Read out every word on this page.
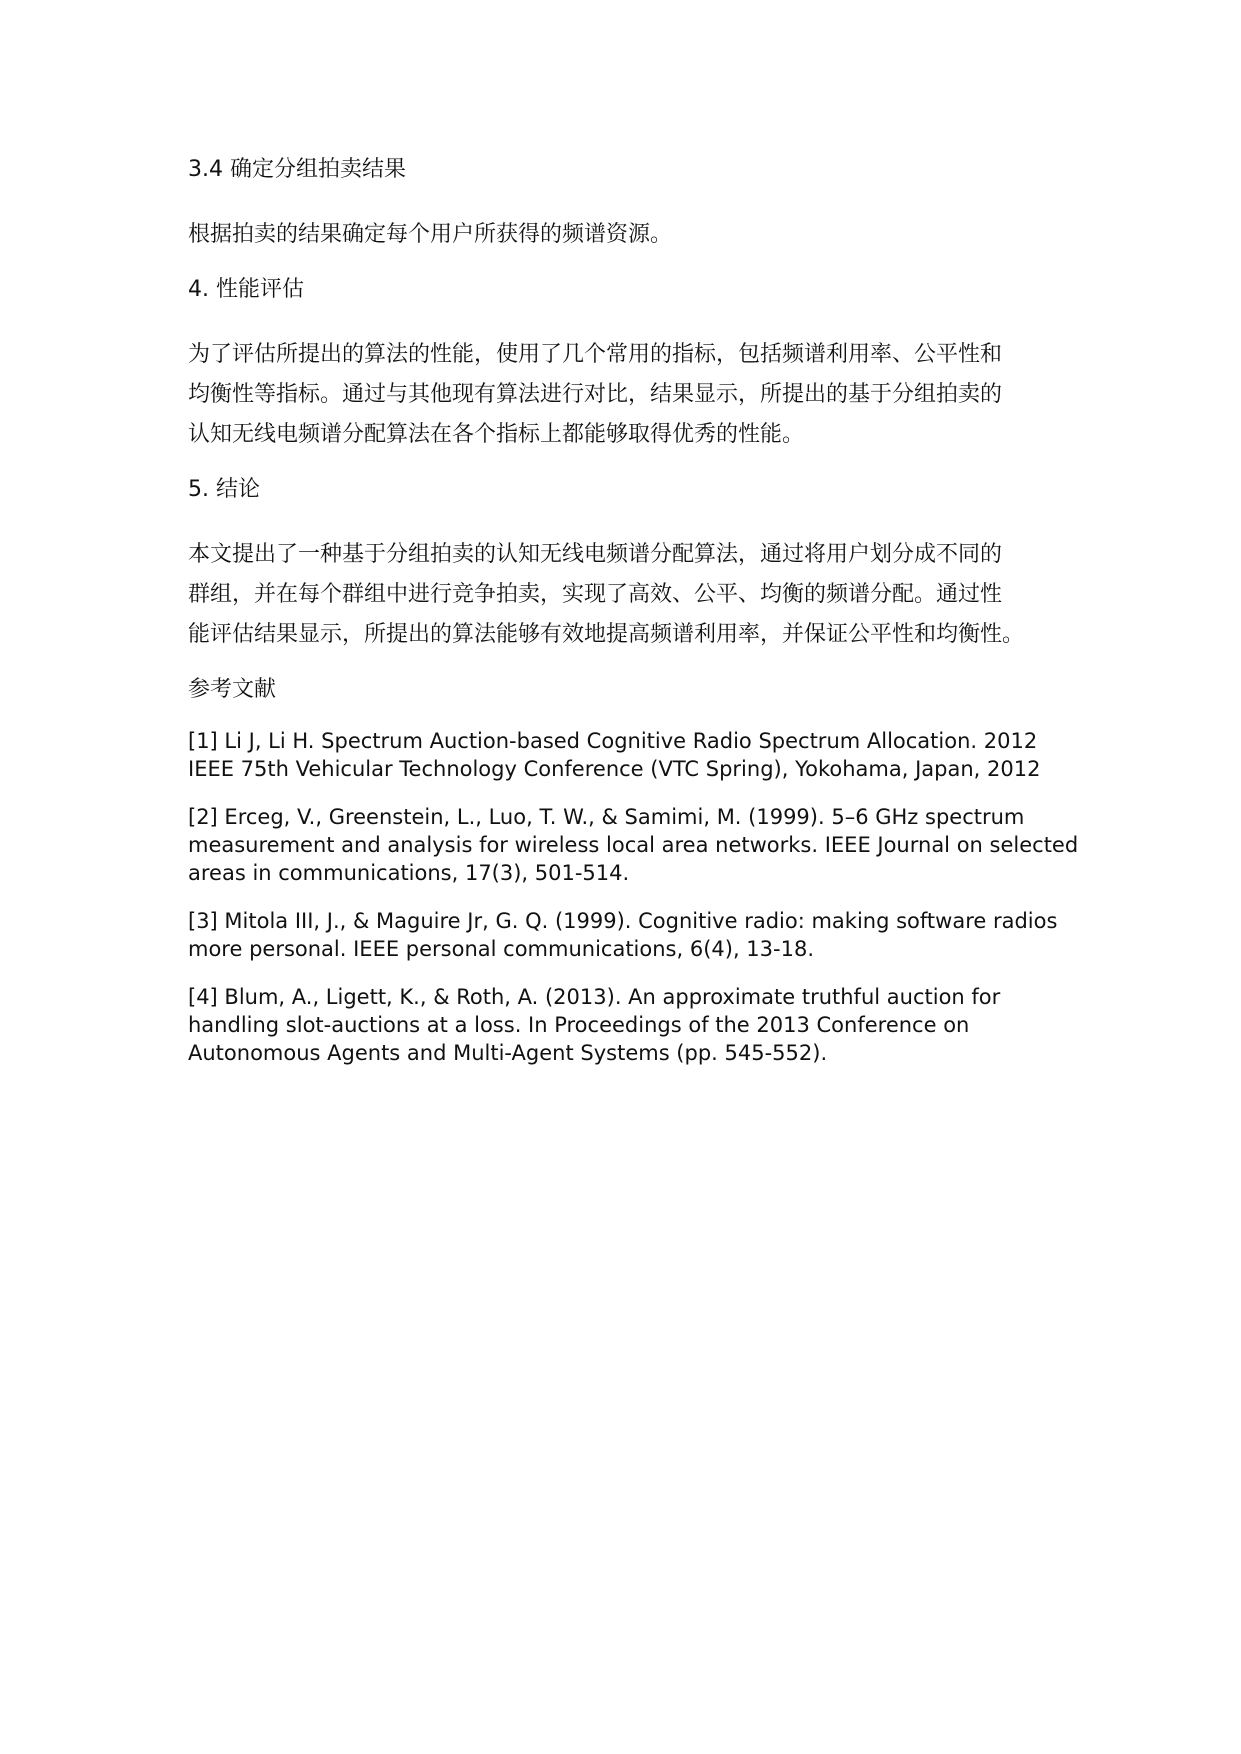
3.4 确定分组拍卖结果
根据拍卖的结果确定每个用户所获得的频谱资源。
4. 性能评估
为了评估所提出的算法的性能，使用了几个常用的指标，包括频谱利用率、公平性和
均衡性等指标。通过与其他现有算法进行对比，结果显示，所提出的基于分组拍卖的
认知无线电频谱分配算法在各个指标上都能够取得优秀的性能。
5. 结论
本文提出了一种基于分组拍卖的认知无线电频谱分配算法，通过将用户划分成不同的
群组，并在每个群组中进行竞争拍卖，实现了高效、公平、均衡的频谱分配。通过性
能评估结果显示，所提出的算法能够有效地提高频谱利用率，并保证公平性和均衡性。
参考文献
[1] Li J, Li H. Spectrum Auction-based Cognitive Radio Spectrum Allocation. 2012
IEEE 75th Vehicular Technology Conference (VTC Spring), Yokohama, Japan, 2012
[2] Erceg, V., Greenstein, L., Luo, T. W., & Samimi, M. (1999). 5–6 GHz spectrum
measurement and analysis for wireless local area networks. IEEE Journal on selected
areas in communications, 17(3), 501-514.
[3] Mitola III, J., & Maguire Jr, G. Q. (1999). Cognitive radio: making software radios
more personal. IEEE personal communications, 6(4), 13-18.
[4] Blum, A., Ligett, K., & Roth, A. (2013). An approximate truthful auction for
handling slot-auctions at a loss. In Proceedings of the 2013 Conference on
Autonomous Agents and Multi-Agent Systems (pp. 545-552).
